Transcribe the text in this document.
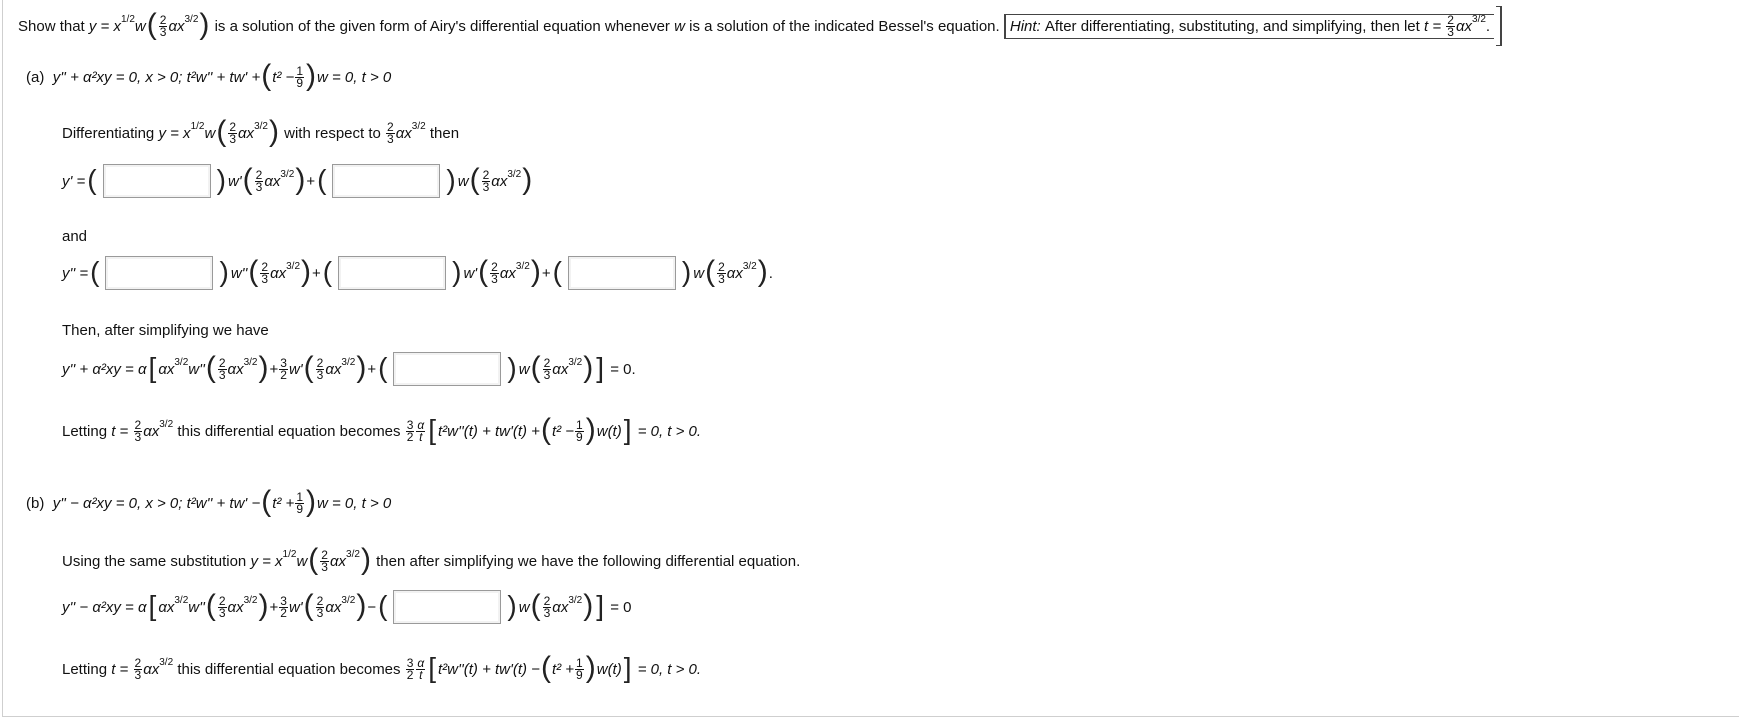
Show that
y = x 1/2 w ( $\frac{2}{3}$ αx 3/2 )
is a solution of the given form of Airy's differential equation whenever
w
is a solution of the indicated Bessel's equation.
Hint:
After differentiating, substituting, and simplifying, then let
t =
$\frac{2}{3}$ αx 3/2 .
(a)
y'' + α²xy = 0, x > 0; t²w'' + tw' + ( $t^2 - \frac{1}{9}$ ) w = 0, t > 0
Differentiating
y = x 1/2 w ( $\frac{2}{3}$ αx 3/2 )
with respect to
$\frac{2}{3}$ αx 3/2
then
y' = (	) w' ( $\frac{2}{3}$ αx 3/2 ) + (	) w ( $\frac{2}{3}$ αx 3/2 )
and
y'' = (	) w'' ( $\frac{2}{3}$ αx 3/2 ) + (	) w' ( $\frac{2}{3}$ αx 3/2 ) + (	) w ( $\frac{2}{3}$ αx 3/2 ) .
Then, after simplifying we have
y'' + α²xy = α [ αx 3/2 w'' ( $\frac{2}{3}$ αx 3/2 ) + $\frac{3}{2} w'$ ( $\frac{2}{3}$ αx 3/2 ) + (	) w ( $\frac{2}{3}$ αx 3/2 ) ]
= 0.
Letting
t =
$\frac{2}{3}$ αx 3/2
this differential equation becomes
$\frac{3}{2} \frac{\alpha}{t}$ [ t²w''(t) + tw'(t) + ( $t^2 - \frac{1}{9}$ ) w(t) ]
= 0, t > 0.
(b)
y'' − α²xy = 0, x > 0; t²w'' + tw' − ( $t^2 + \frac{1}{9}$ ) w = 0, t > 0
Using the same substitution
y = x 1/2 w ( $\frac{2}{3}$ αx 3/2 )
then after simplifying we have the following differential equation.
y'' − α²xy = α [ αx 3/2 w'' ( $\frac{2}{3}$ αx 3/2 ) + $\frac{3}{2} w'$ ( $\frac{2}{3}$ αx 3/2 ) − (	) w ( $\frac{2}{3}$ αx 3/2 ) ]
= 0
Letting
t =
$\frac{2}{3}$ αx 3/2
this differential equation becomes
$\frac{3}{2} \frac{\alpha}{t}$ [ t²w''(t) + tw'(t) − ( $t^2 + \frac{1}{9}$ ) w(t) ]
= 0, t > 0.
